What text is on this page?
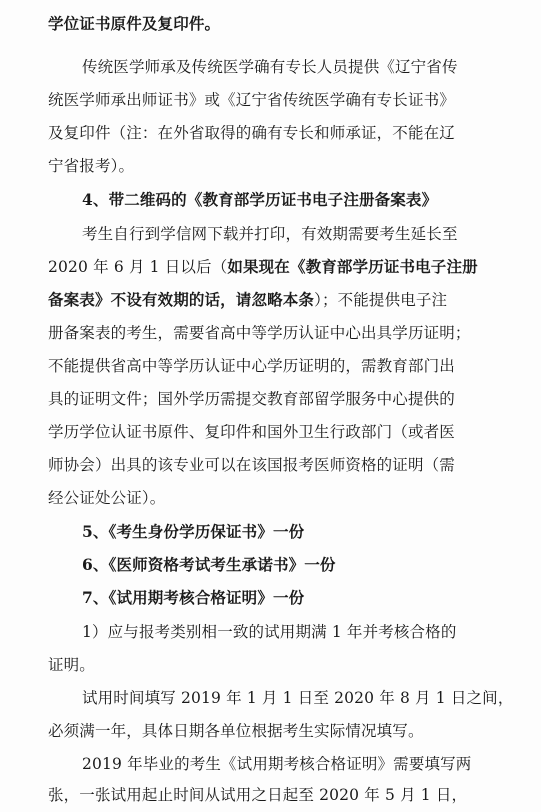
学位证书原件及复印件。
传统医学师承及传统医学确有专长人员提供《辽宁省传
统医学师承出师证书》或《辽宁省传统医学确有专长证书》
及复印件（注：在外省取得的确有专长和师承证，不能在辽
宁省报考）。
4、带二维码的《教育部学历证书电子注册备案表》
考生自行到学信网下载并打印，有效期需要考生延长至
2020 年 6 月 1 日以后（如果现在《教育部学历证书电子注册
备案表》不设有效期的话，请忽略本条）；不能提供电子注
册备案表的考生，需要省高中等学历认证中心出具学历证明；
不能提供省高中等学历认证中心学历证明的，需教育部门出
具的证明文件；国外学历需提交教育部留学服务中心提供的
学历学位认证书原件、复印件和国外卫生行政部门（或者医
师协会）出具的该专业可以在该国报考医师资格的证明（需
经公证处公证）。
5、《考生身份学历保证书》一份
6、《医师资格考试考生承诺书》一份
7、《试用期考核合格证明》一份
1）应与报考类别相一致的试用期满 1 年并考核合格的
证明。
试用时间填写 2019 年 1 月 1 日至 2020 年 8 月 1 日之间，
必须满一年，具体日期各单位根据考生实际情况填写。
2019 年毕业的考生《试用期考核合格证明》需要填写两
张，一张试用起止时间从试用之日起至 2020 年 5 月 1 日，
